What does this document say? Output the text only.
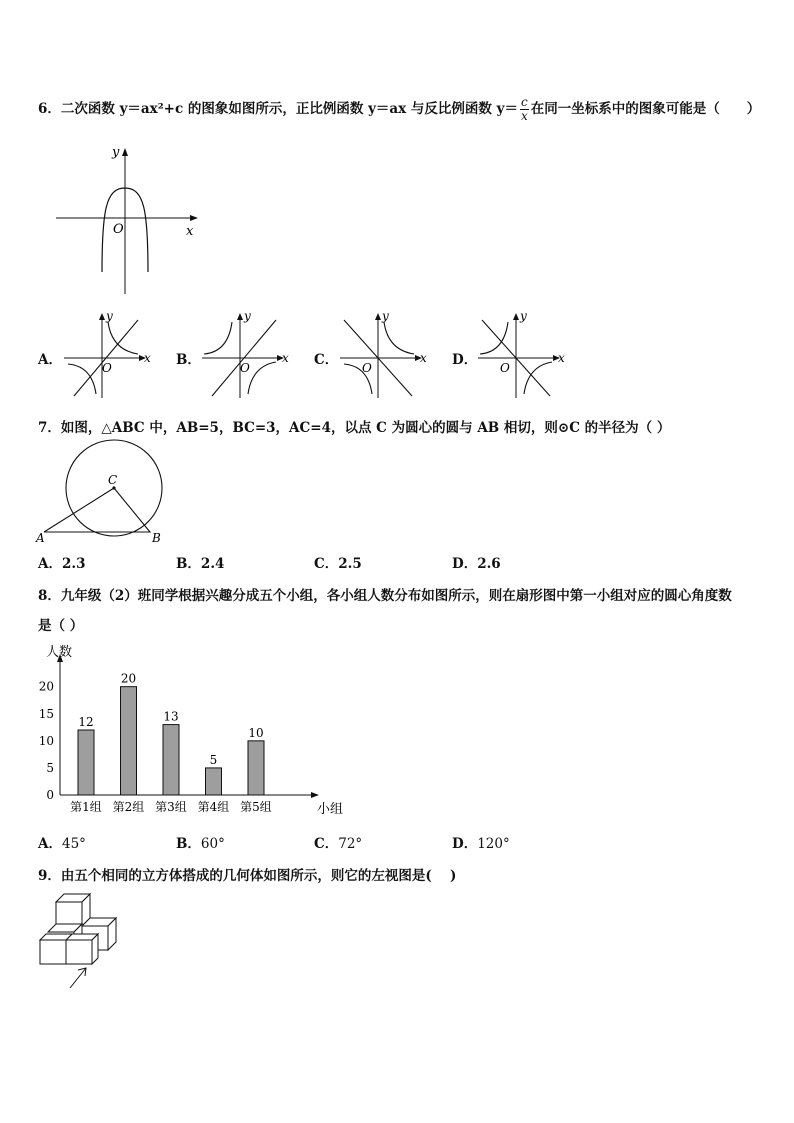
6．二次函数 y＝ax²+c 的图象如图所示，正比例函数 y＝ax 与反比例函数 $y= \frac{c}{x}$ 在同一坐标系中的图象可能是（　　）
y
x
O
A．
y
x
O	B．
y
x
O	C．
y
x
O	D．
y
x
O
7．如图，△ABC 中，AB=5，BC=3，AC=4，以点 C 为圆心的圆与 AB 相切，则⊙C 的半径为（ ）
C
A	B
A．2.3	B．2.4	C．2.5	D．2.6
8．九年级（2）班同学根据兴趣分成五个小组，各小组人数分布如图所示，则在扇形图中第一小组对应的圆心角度数
是（ ）
人数
小组
0
5
10
15
20
12
第1组
20
第2组
13
第3组
5
第4组
10
第5组
A．45°	B．60°	C．72°	D．120°
9．由五个相同的立方体搭成的几何体如图所示，则它的左视图是(　 )
